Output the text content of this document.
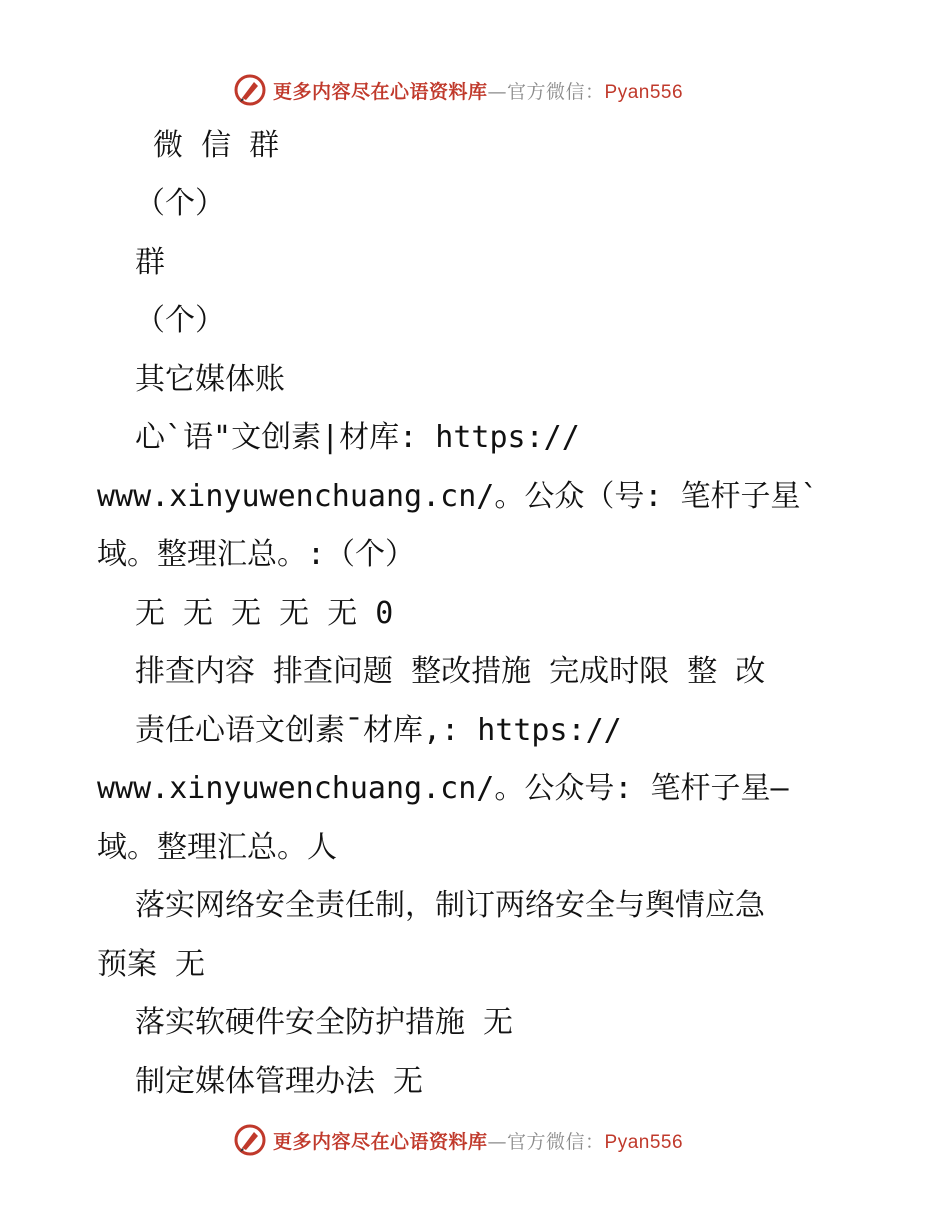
更多内容尽在心语资料库—官方微信：Pyan556
微 信 群
（个）
群
（个）
其它媒体账
心`语"文创素|材库: https://
www.xinyuwenchuang.cn/。公众（号: 笔杆子星`
域。整理汇总。:（个）
无 无 无 无 无 0
排查内容 排查问题 整改措施 完成时限 整 改
责任心语文创素¯材库,: https://
www.xinyuwenchuang.cn/。公众号: 笔杆子星—
域。整理汇总。人
落实网络安全责任制，制订两络安全与舆情应急
预案 无
落实软硬件安全防护措施 无
制定媒体管理办法 无
更多内容尽在心语资料库—官方微信：Pyan556
